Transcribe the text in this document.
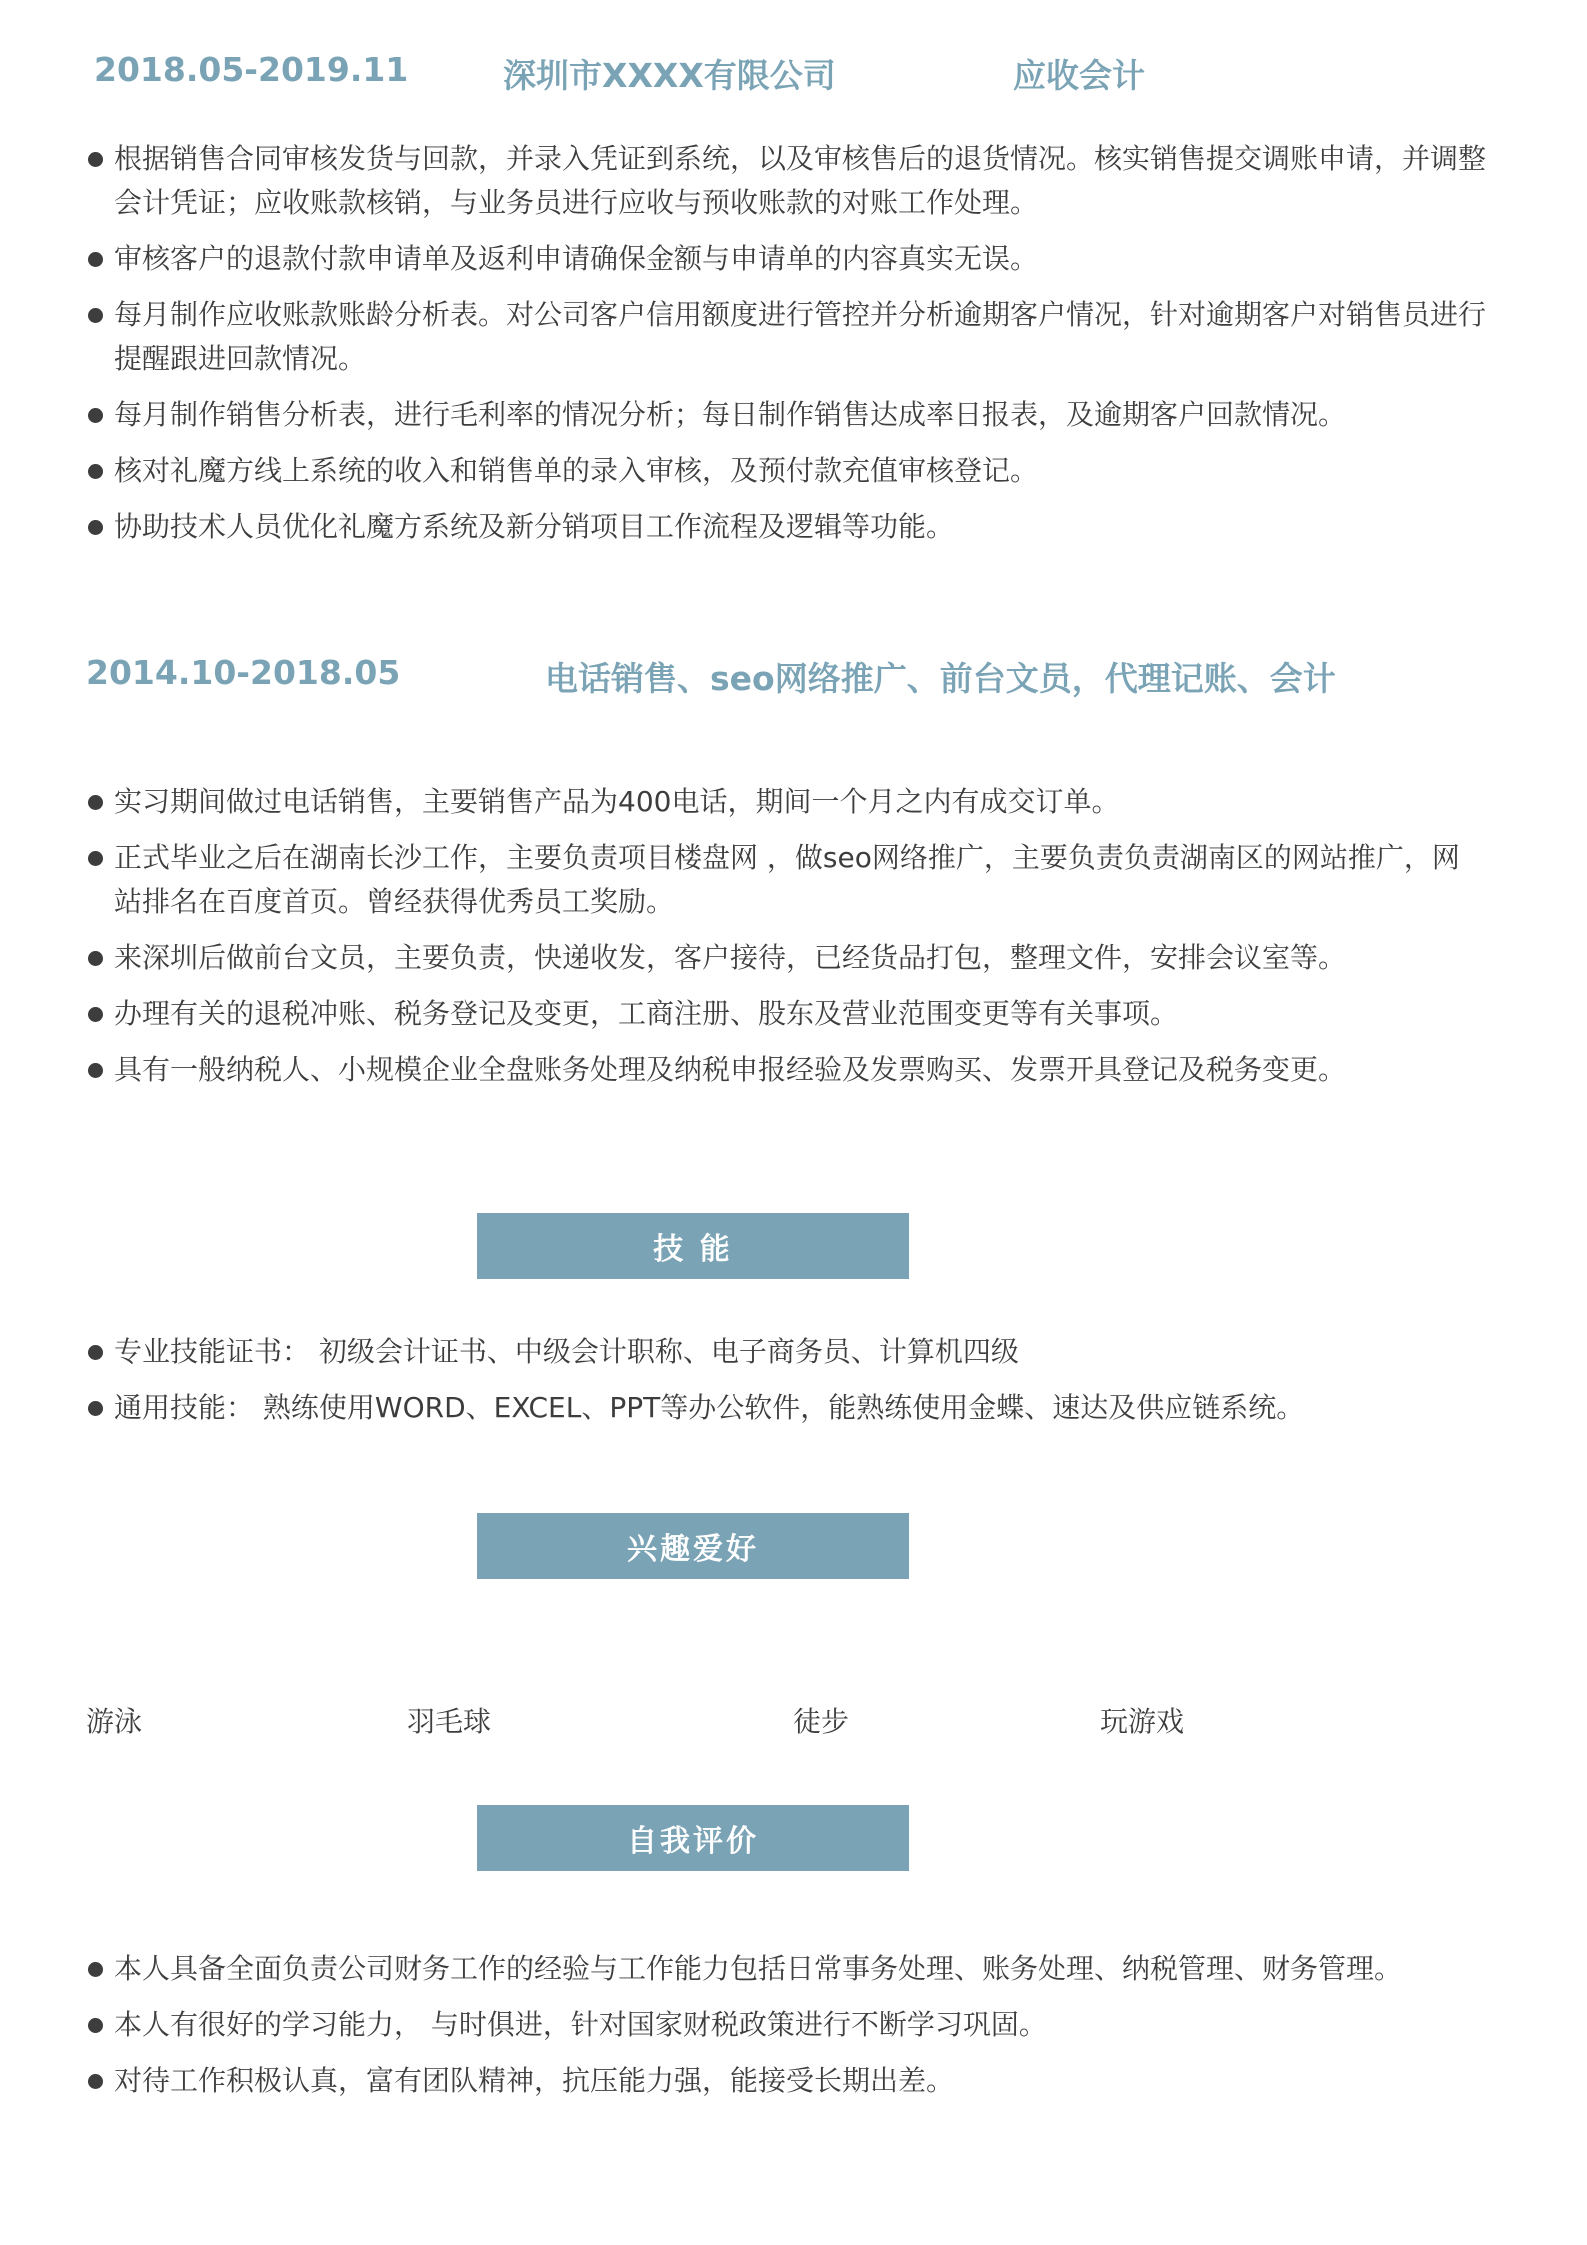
2018.05-2019.11	深圳市XXXX有限公司	应收会计
根据销售合同审核发货与回款，并录入凭证到系统，以及审核售后的退货情况。核实销售提交调账申请，并调整会计凭证；应收账款核销，与业务员进行应收与预收账款的对账工作处理。
审核客户的退款付款申请单及返利申请确保金额与申请单的内容真实无误。
每月制作应收账款账龄分析表。对公司客户信用额度进行管控并分析逾期客户情况，针对逾期客户对销售员进行提醒跟进回款情况。
每月制作销售分析表，进行毛利率的情况分析；每日制作销售达成率日报表，及逾期客户回款情况。
核对礼魔方线上系统的收入和销售单的录入审核，及预付款充值审核登记。
协助技术人员优化礼魔方系统及新分销项目工作流程及逻辑等功能。
2014.10-2018.05	电话销售、seo网络推广、前台文员，代理记账、会计
实习期间做过电话销售，主要销售产品为400电话，期间一个月之内有成交订单。
正式毕业之后在湖南长沙工作，主要负责项目楼盘网 ，做seo网络推广，主要负责负责湖南区的网站推广，网站排名在百度首页。曾经获得优秀员工奖励。
来深圳后做前台文员，主要负责，快递收发，客户接待，已经货品打包，整理文件，安排会议室等。
办理有关的退税冲账、税务登记及变更，工商注册、股东及营业范围变更等有关事项。
具有一般纳税人、小规模企业全盘账务处理及纳税申报经验及发票购买、发票开具登记及税务变更。
技 能
专业技能证书： 初级会计证书、中级会计职称、电子商务员、计算机四级
通用技能： 熟练使用WORD、EXCEL、PPT等办公软件，能熟练使用金蝶、速达及供应链系统。
兴趣爱好
游泳	羽毛球	徒步	玩游戏
自我评价
本人具备全面负责公司财务工作的经验与工作能力包括日常事务处理、账务处理、纳税管理、财务管理。
本人有很好的学习能力， 与时俱进，针对国家财税政策进行不断学习巩固。
对待工作积极认真，富有团队精神，抗压能力强，能接受长期出差。
